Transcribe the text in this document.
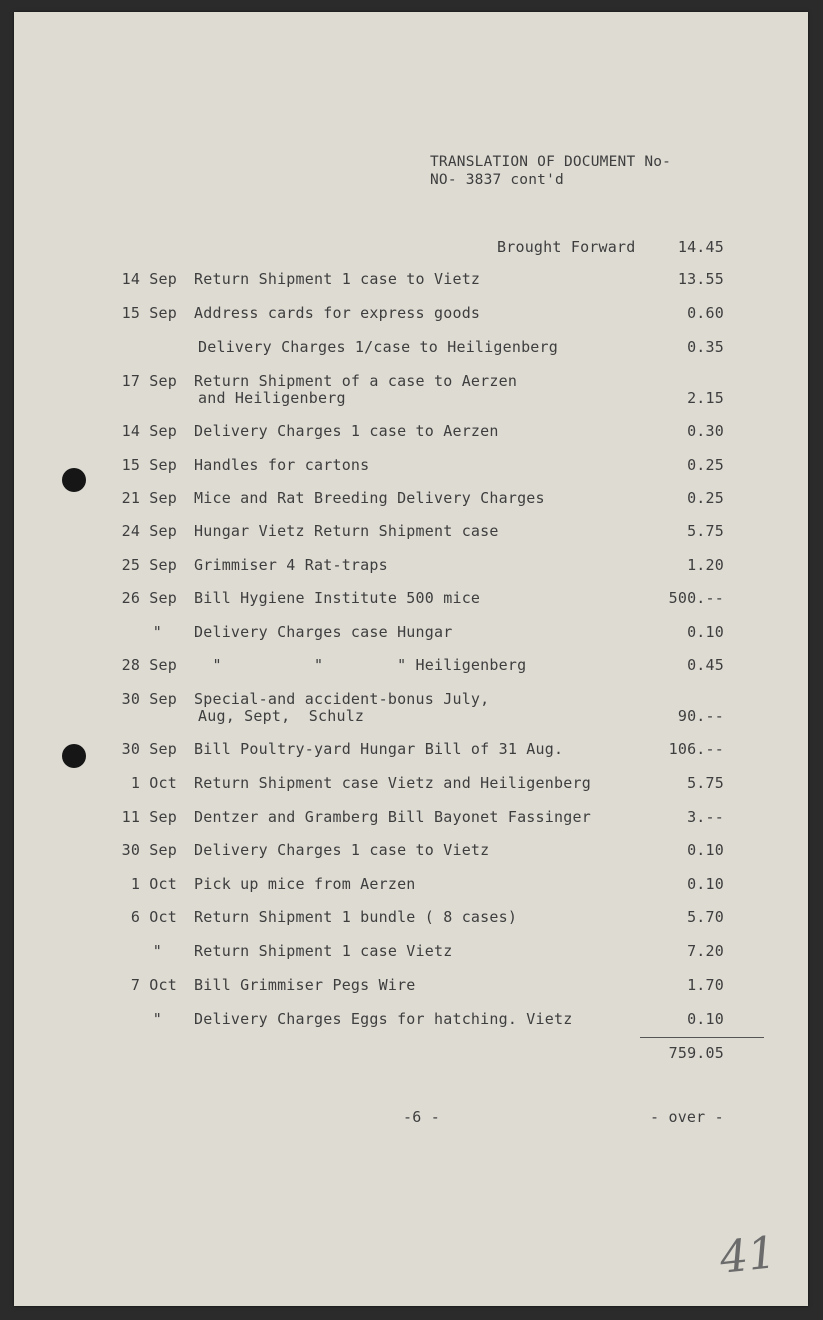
TRANSLATION OF DOCUMENT No-
NO- 3837 cont'd
Brought Forward	14.45
14 Sep Return Shipment 1 case to Vietz	13.55
15 Sep Address cards for express goods	0.60
Delivery Charges 1/case to Heiligenberg	0.35
17 Sep Return Shipment of a case to Aerzen
and Heiligenberg	2.15
14 Sep Delivery Charges 1 case to Aerzen	0.30
15 Sep Handles for cartons	0.25
21 Sep Mice and Rat Breeding Delivery Charges	0.25
24 Sep Hungar Vietz Return Shipment case	5.75
25 Sep Grimmiser 4 Rat-traps	1.20
26 Sep Bill Hygiene Institute 500 mice	500.--
" Delivery Charges case Hungar	0.10
28 Sep "          "        " Heiligenberg	0.45
30 Sep Special-and accident-bonus July,
Aug, Sept,  Schulz	90.--
30 Sep Bill Poultry-yard Hungar Bill of 31 Aug.	106.--
1 Oct Return Shipment case Vietz and Heiligenberg	5.75
11 Sep Dentzer and Gramberg Bill Bayonet Fassinger	3.--
30 Sep Delivery Charges 1 case to Vietz	0.10
1 Oct Pick up mice from Aerzen	0.10
6 Oct Return Shipment 1 bundle ( 8 cases)	5.70
" Return Shipment 1 case Vietz	7.20
7 Oct Bill Grimmiser Pegs Wire	1.70
" Delivery Charges Eggs for hatching. Vietz	0.10
759.05
-6 -	- over -
41
